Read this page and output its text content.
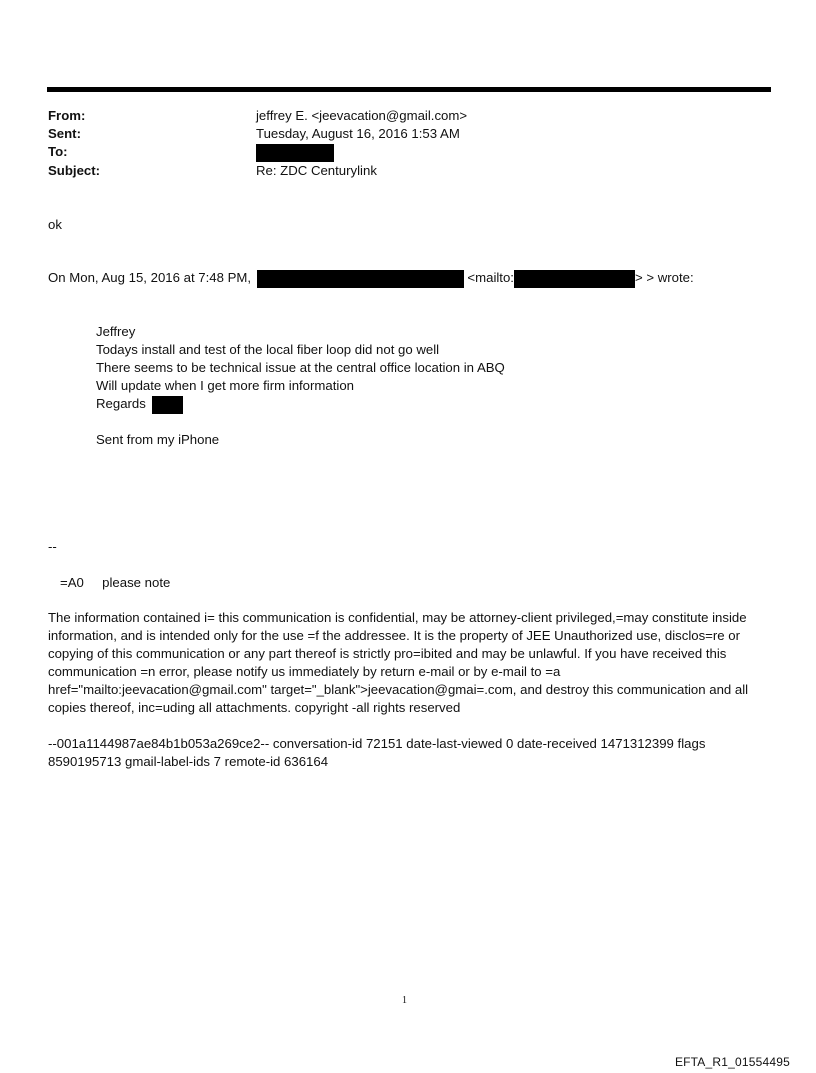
From:	jeffrey E. <jeevacation@gmail.com>
Sent:	Tuesday, August 16, 2016 1:53 AM
To:
Subject:	Re: ZDC Centurylink
ok
On Mon, Aug 15, 2016 at 7:48 PM,	<mailto:	> > wrote:
Jeffrey
Todays install and test of the local fiber loop did not go well
There seems to be technical issue at the central office location in ABQ
Will update when I get more firm information
Regards
Sent from my iPhone
--
=A0     please note
The information contained i= this communication is confidential, may be attorney-client privileged,=may constitute inside information, and is intended only for the use =f the addressee. It is the property of JEE Unauthorized use, disclos=re or copying of this communication or any part thereof is strictly pro=ibited and may be unlawful. If you have received this communication =n error, please notify us immediately by return e-mail or by e-mail to =a href="mailto:jeevacation@gmail.com" target="_blank">jeevacation@gmai=.com, and destroy this communication and all copies thereof, inc=uding all attachments. copyright -all rights reserved
--001a1144987ae84b1b053a269ce2-- conversation-id 72151 date-last-viewed 0 date-received 1471312399 flags 8590195713 gmail-label-ids 7 remote-id 636164
1
EFTA_R1_01554495
